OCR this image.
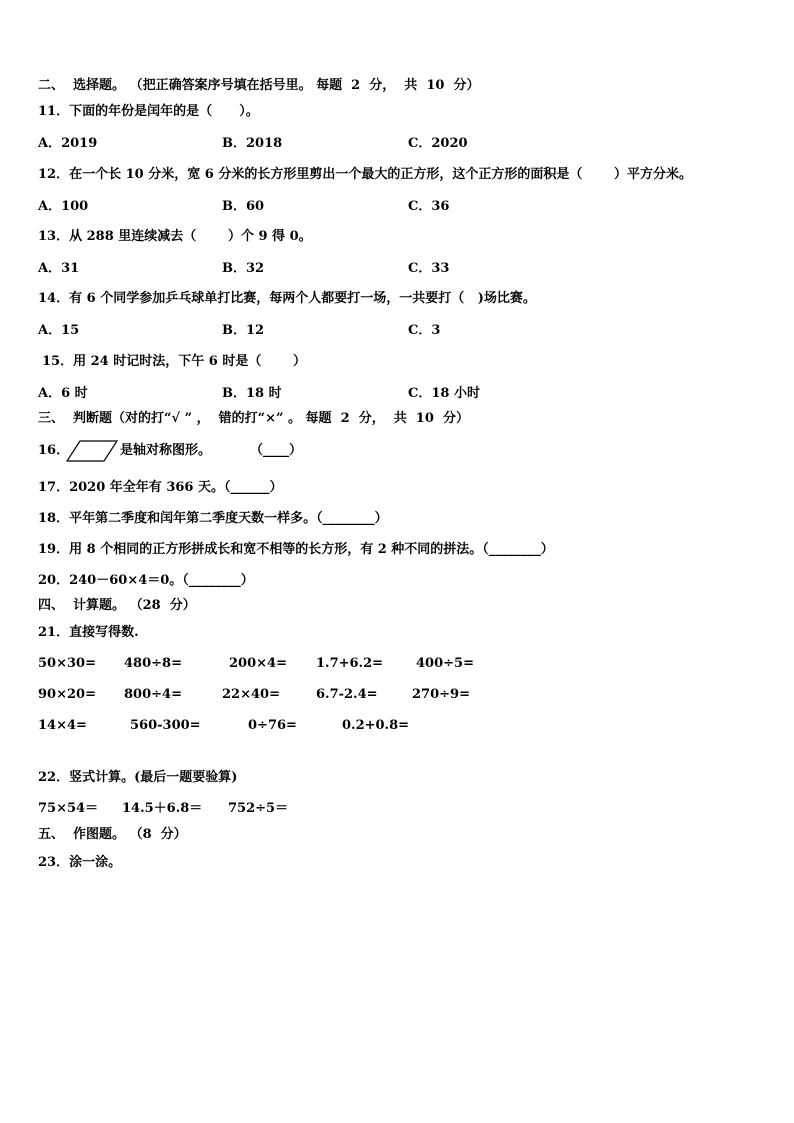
二、  选择题。 （把正确答案序号填在括号里。 每题  2  分，  共  10  分）
11．下面的年份是闰年的是（      ）。
A．2019	B．2018	C．2020
12．在一个长 10 分米，宽 6 分米的长方形里剪出一个最大的正方形，这个正方形的面积是（       ）平方分米。
A．100	B．60	C．36
13．从 288 里连续减去（       ）个 9 得 0。
A．31	B．32	C．33
14．有 6 个同学参加乒乓球单打比赛，每两个人都要打一场，一共要打（   )场比赛。
A．15	B．12	C．3
15．用 24 时记时法，下午 6 时是（       ）
A．6 时	B．18 时	C．18 小时
三、  判断题（对的打“√ ” ，  错的打“×” 。 每题  2  分，  共  10  分）
16．	是轴对称图形。	（____）
17．2020 年全年有 366 天。（______）
18．平年第二季度和闰年第二季度天数一样多。（________）
19．用 8 个相同的正方形拼成长和宽不相等的长方形，有 2 种不同的拼法。（________）
20．240－60×4＝0。（________）
四、  计算题。 （28  分）
21．直接写得数.
50×30= 480÷8=	200×4= 1.7+6.2=	400÷5=
90×20= 800÷4=	22×40=	6.7-2.4=	270÷9=
14×4=	560-300=	0÷76=	0.2+0.8=
22．竖式计算。(最后一题要验算)
75×54＝ 14.5＋6.8＝ 752÷5＝
五、  作图题。 （8  分）
23．涂一涂。
